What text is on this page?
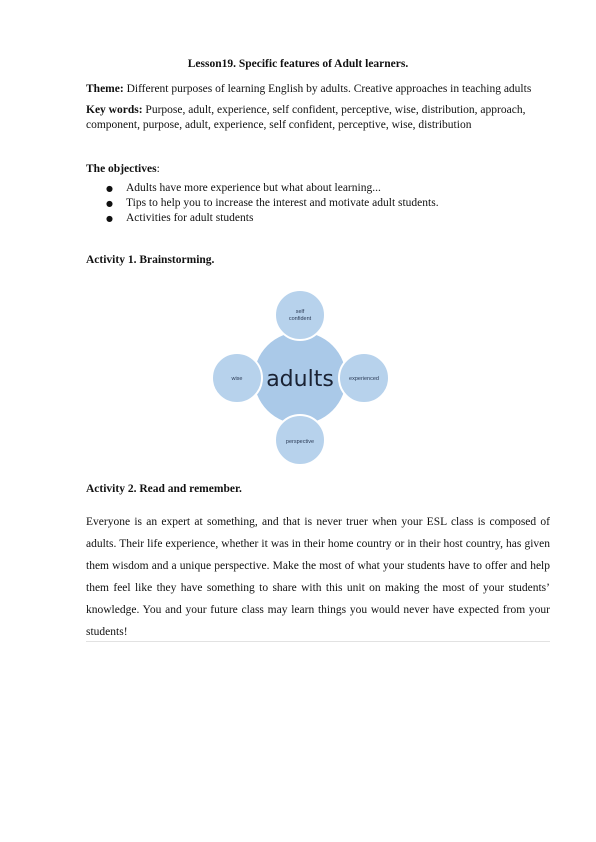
Lesson19. Specific features of Adult learners.
Theme: Different purposes of learning English by adults. Creative approaches in teaching adults
Key words: Purpose, adult, experience, self confident, perceptive, wise, distribution, approach, component, purpose, adult, experience, self confident, perceptive, wise, distribution
The objectives:
● Adults have more experience but what about learning...
● Tips to help you to increase the interest and motivate adult students.
● Activities for adult students
Activity 1. Brainstorming.
adults
self
confident
experienced
perspective
wise
Activity 2. Read and remember.
Everyone is an expert at something, and that is never truer when your ESL class is composed of adults. Their life experience, whether it was in their home country or in their host country, has given them wisdom and a unique perspective. Make the most of what your students have to offer and help them feel like they have something to share with this unit on making the most of your students’ knowledge. You and your future class may learn things you would never have expected from your students!
